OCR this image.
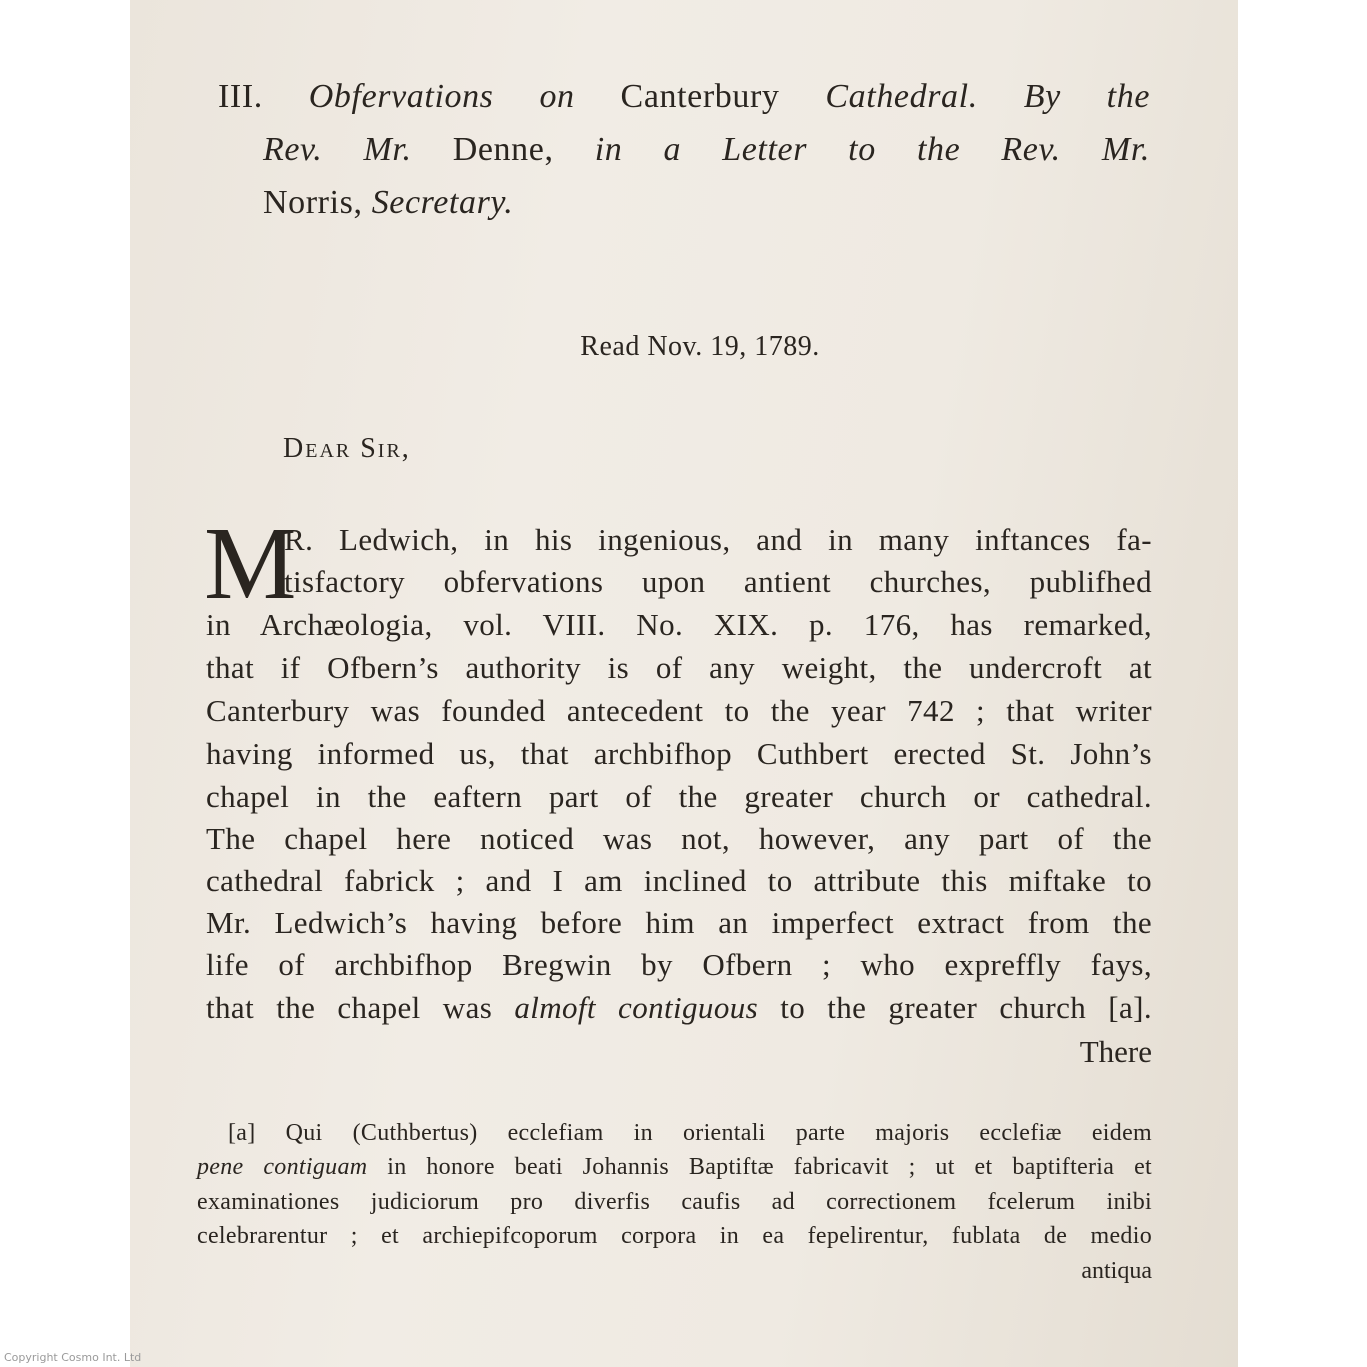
III. Obfervations on Canterbury Cathedral. By the
Rev. Mr. Denne, in a Letter to the Rev. Mr.
Norris, Secretary.
Read Nov. 19, 1789.
Dear Sir,
M
R. Ledwich, in his ingenious, and in many inftances fa-
tisfactory obfervations upon antient churches, publifhed
in Archæologia, vol. VIII. No. XIX. p. 176, has remarked,
that if Ofbern’s authority is of any weight, the undercroft at
Canterbury was founded antecedent to the year 742 ; that writer
having informed us, that archbifhop Cuthbert erected St. John’s
chapel in the eaftern part of the greater church or cathedral.
The chapel here noticed was not, however, any part of the
cathedral fabrick ; and I am inclined to attribute this miftake to
Mr. Ledwich’s having before him an imperfect extract from the
life of archbifhop Bregwin by Ofbern ; who expreffly fays,
that the chapel was almoft contiguous to the greater church [a].
There
[a] Qui (Cuthbertus) ecclefiam in orientali parte majoris ecclefiæ eidem
pene contiguam in honore beati Johannis Baptiftæ fabricavit ; ut et baptifteria et
examinationes judiciorum pro diverfis caufis ad correctionem fcelerum inibi
celebrarentur ; et archiepifcoporum corpora in ea fepelirentur, fublata de medio
antiqua
Copyright Cosmo Int. Ltd
